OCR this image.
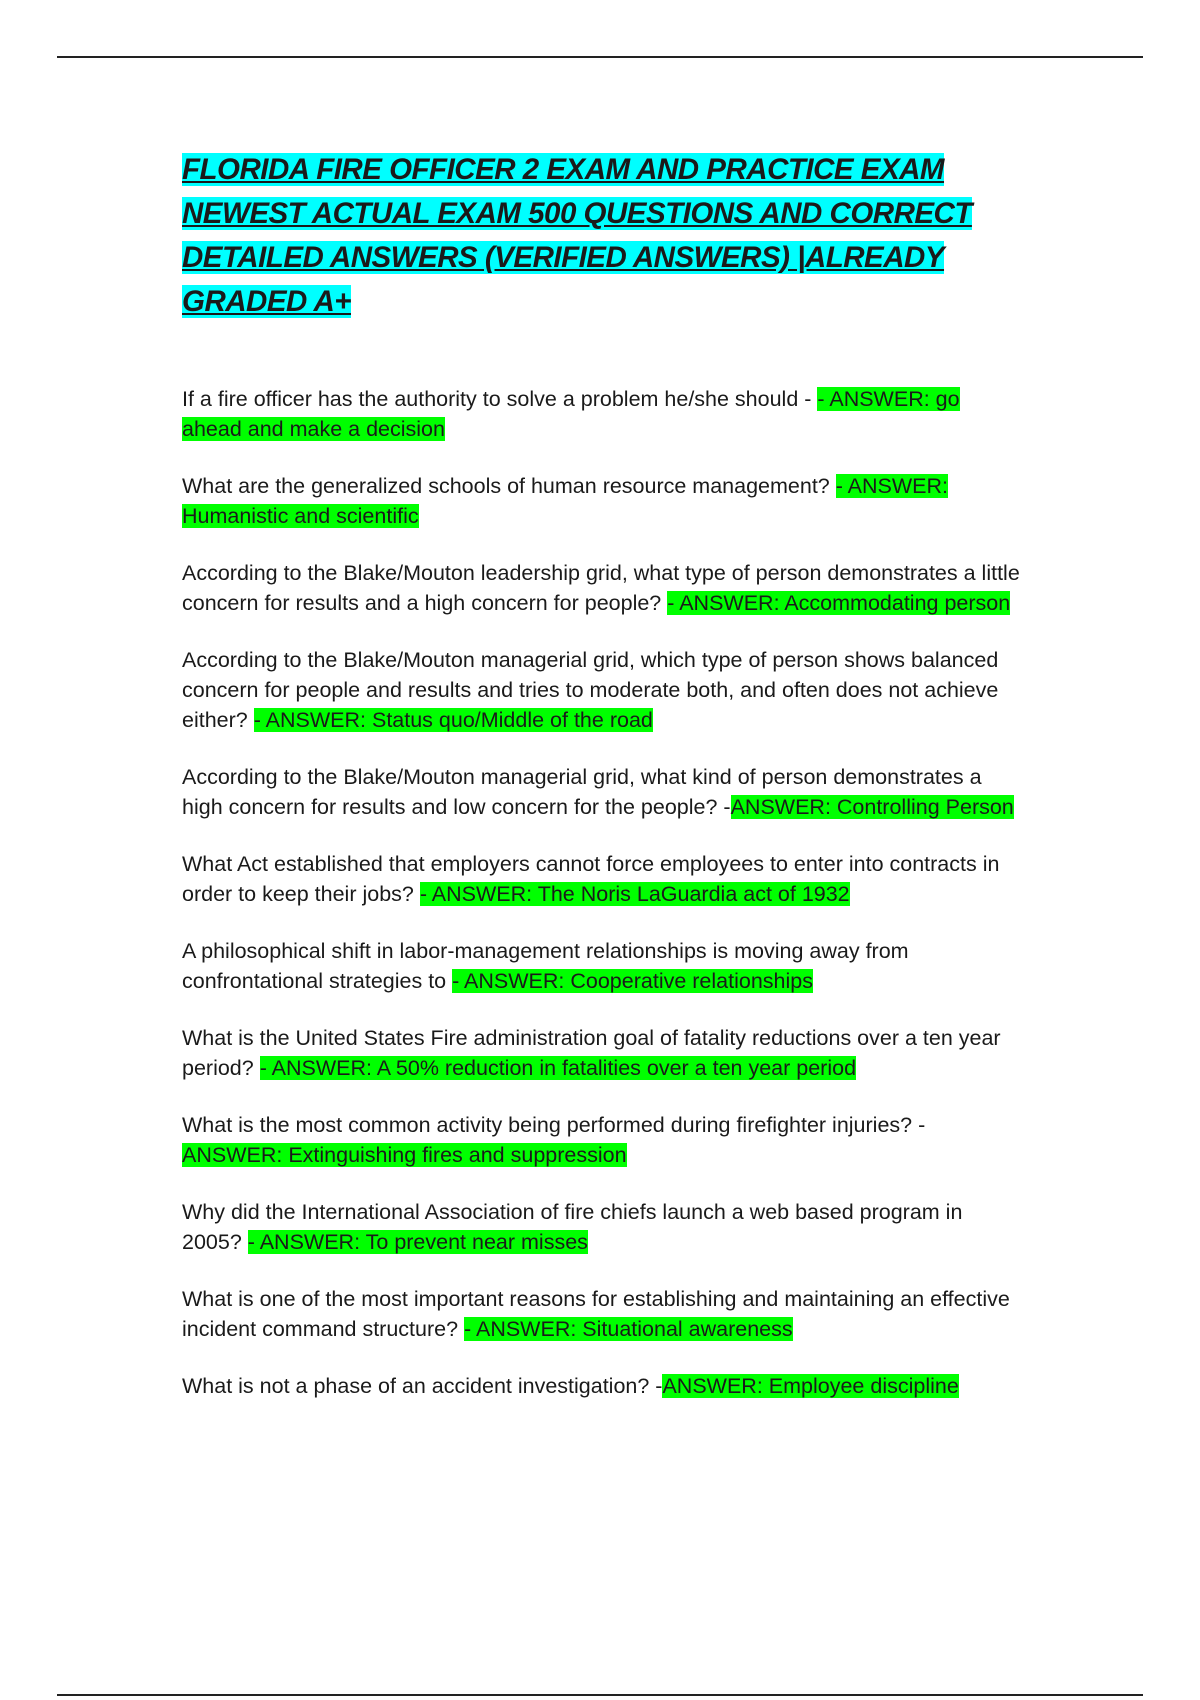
FLORIDA FIRE OFFICER 2 EXAM AND PRACTICE EXAM NEWEST ACTUAL EXAM 500 QUESTIONS AND CORRECT DETAILED ANSWERS (VERIFIED ANSWERS) |ALREADY GRADED A+

If a fire officer has the authority to solve a problem he/she should - - ANSWER: go ahead and make a decision

What are the generalized schools of human resource management? - ANSWER: Humanistic and scientific

According to the Blake/Mouton leadership grid, what type of person demonstrates a little concern for results and a high concern for people? - ANSWER: Accommodating person

According to the Blake/Mouton managerial grid, which type of person shows balanced concern for people and results and tries to moderate both, and often does not achieve either? - ANSWER: Status quo/Middle of the road

According to the Blake/Mouton managerial grid, what kind of person demonstrates a high concern for results and low concern for the people? -ANSWER: Controlling Person

What Act established that employers cannot force employees to enter into contracts in order to keep their jobs? - ANSWER: The Noris LaGuardia act of 1932

A philosophical shift in labor-management relationships is moving away from confrontational strategies to - ANSWER: Cooperative relationships

What is the United States Fire administration goal of fatality reductions over a ten year period? - ANSWER: A 50% reduction in fatalities over a ten year period

What is the most common activity being performed during firefighter injuries? - ANSWER: Extinguishing fires and suppression

Why did the International Association of fire chiefs launch a web based program in 2005? - ANSWER: To prevent near misses

What is one of the most important reasons for establishing and maintaining an effective incident command structure? - ANSWER: Situational awareness

What is not a phase of an accident investigation? -ANSWER: Employee discipline
